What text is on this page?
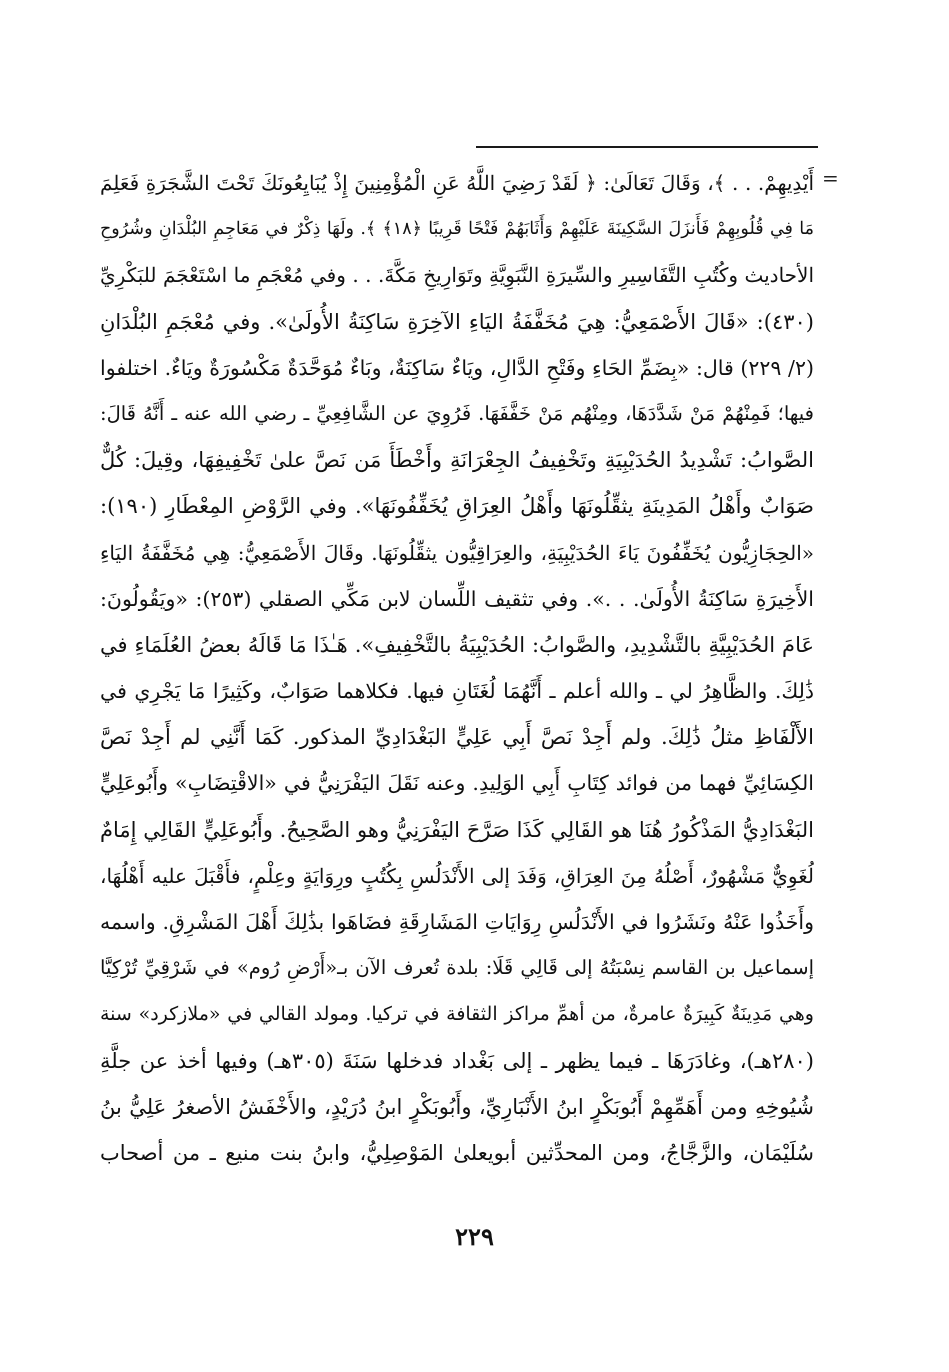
=
أَيْدِيهِمْ. . . ﴾، وَقَالَ تَعَالَىٰ: ﴿ لَقَدْ رَضِيَ اللَّهُ عَنِ الْمُؤْمِنِينَ إِذْ يُبَايِعُونَكَ تَحْتَ الشَّجَرَةِ فَعَلِمَ
مَا فِي قُلُوبِهِمْ فَأَنزَلَ السَّكِينَةَ عَلَيْهِمْ وَأَثَابَهُمْ فَتْحًا قَرِيبًا ﴿١٨﴾ ﴾. ولَهَا ذِكْرٌ في مَعَاجِمِ البُلْدَانِ وشُرُوحِ
الأحاديث وكُتُبِ التَّفَاسِيرِ والسِّيرَةِ النَّبَوِيَّةِ وتَوَارِيخِ مَكَّةَ. . . وفي مُعْجَمِ ما اسْتَعْجَمَ للبَكْرِيِّ
(٤٣٠): «قَالَ الأَصْمَعِيُّ: هِيَ مُخَفَّفَةُ اليَاءِ الآخِرَةِ سَاكِنَةُ الأُولَىٰ». وفي مُعْجَمِ البُلْدَانِ
(٢/ ٢٢٩) قال: «بِضَمِّ الحَاءِ وفَتْحِ الدَّالِ، ويَاءٌ سَاكِنَةٌ، وبَاءٌ مُوَحَّدَةٌ مَكْسُورَةٌ ويَاءٌ. اختلفوا
فيها؛ فَمِنْهُمْ مَنْ شَدَّدَهَا، ومِنْهُم مَنْ خَفَّفَهَا. فَرُوِيَ عن الشَّافِعِيِّ ـ رضي الله عنه ـ أَنَّهُ قَالَ:
الصَّوابُ: تَشْدِيدُ الحُدَيْبِيَةِ وتَخْفِيفُ الجِعْرَانَةِ وأَخْطَأَ مَن نَصَّ علىٰ تَخْفِيفِهَا، وقِيلَ: كُلٌّ
صَوَابٌ وأَهْلُ المَدِينَةِ يثقِّلُونَهَا وأَهْلُ العِرَاقِ يُخَفِّفُونَهَا». وفي الرَّوْضِ المِعْطَارِ (١٩٠):
«الحِجَازِيُّون يُخَفِّفُونَ يَاءَ الحُدَيْبِيَةِ، والعِرَاقِيُّون يثقِّلُونَهَا. وقَالَ الأَصْمَعِيُّ: هِي مُخَفَّفَةُ اليَاءِ
الأَخِيرَةِ سَاكِنَةُ الأُولَىٰ. . .». وفي تثقيف اللِّسان لابن مَكِّي الصقلي (٢٥٣): «ويَقُولُونَ:
عَامَ الحُدَيْبِيَّةِ بالتَّشْدِيدِ، والصَّوابُ: الحُدَيْبِيَةُ بالتَّخْفِيفِ». هَـٰذَا مَا قَالَهُ بعضُ العُلَمَاءِ في
ذَٰلِكَ. والظَّاهِرُ لي ـ والله أعلم ـ أَنَّهُمَا لُغَتَانِ فيها. فكلاهما صَوَابٌ، وكَثِيرًا مَا يَجْرِي في
الأَلْفَاظِ مثلُ ذَٰلِكَ. ولم أَجِدْ نَصَّ أَبِي عَلِيٍّ البَغْدَادِيِّ المذكور. كَمَا أَنَّنِي لم أَجِدْ نَصَّ
الكِسَائِيِّ فهما من فوائد كِتَابِ أَبِي الوَلِيدِ. وعنه نَقَلَ اليَفْرَنِيُّ في «الاقْتِضَابِ» وأَبُوعَلِيٍّ
البَغْدَادِيُّ المَذْكُورُ هُنَا هو القَالِي كَذَا صَرَّحَ اليَفْرَنِيُّ وهو الصَّحِيحُ. وأَبُوعَلِيٍّ القَالِي إِمَامٌ
لُغَوِيٌّ مَشْهُورٌ، أَصْلُهُ مِنَ العِرَاقِ، وَفَدَ إلى الأَنْدَلُسِ بِكُتُبٍ ورِوَايَةٍ وعِلْمٍ، فأَقْبَلَ عليه أَهْلُهَا،
وأَخَذُوا عَنْهُ ونَشَرُوا في الأَنْدَلُسِ رِوَايَاتِ المَشَارِقَةِ فضَاهَوا بذَٰلِكَ أَهْلَ المَشْرِقِ. واسمه
إسماعيل بن القاسم نِسْبَتُهُ إلى قَالِي قَلَا: بلدة تُعرف الآن بـ«أَرْضِ رُوم» في شَرْقِيِّ تُرْكِيَّا
وهي مَدِينَةٌ كَبِيرَةٌ عامرةٌ، من أهمِّ مراكز الثقافة في تركيا. ومولد القالي في «ملازكرد» سنة
(٢٨٠هـ)، وغادَرَهَا ـ فيما يظهر ـ إلى بَغْداد فدخلها سَنَةَ (٣٠٥هـ) وفيها أخذ عن جلَّةِ
شُيُوخِهِ ومن أَهَمِّهِمْ أَبُوبَكْرٍ ابنُ الأَنْبَارِيِّ، وأَبُوبَكْرٍ ابنُ دُرَيْدٍ، والأَخْفَشُ الأصغرُ عَلِيُّ بنُ
سُلَيْمَان، والزَّجَّاجُ، ومن المحدِّثين أبويعلىٰ المَوْصِلِيُّ، وابنُ بنت منيع ـ من أصحاب
٢٢٩
